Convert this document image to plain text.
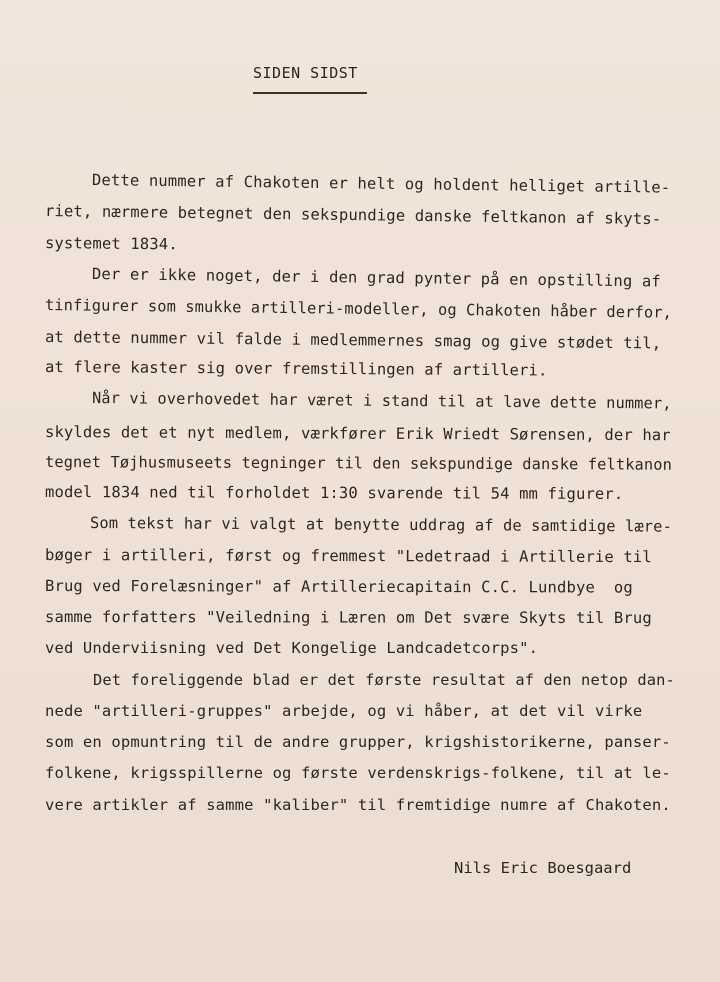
SIDEN SIDST
Dette nummer af Chakoten er helt og holdent helliget artille-
riet, nærmere betegnet den sekspundige danske feltkanon af skyts-
systemet 1834.
Der er ikke noget, der i den grad pynter på en opstilling af
tinfigurer som smukke artilleri-modeller, og Chakoten håber derfor,
at dette nummer vil falde i medlemmernes smag og give stødet til,
at flere kaster sig over fremstillingen af artilleri.
Når vi overhovedet har været i stand til at lave dette nummer,
skyldes det et nyt medlem, værkfører Erik Wriedt Sørensen, der har
tegnet Tøjhusmuseets tegninger til den sekspundige danske feltkanon
model 1834 ned til forholdet 1:30 svarende til 54 mm figurer.
Som tekst har vi valgt at benytte uddrag af de samtidige lære-
bøger i artilleri, først og fremmest "Ledetraad i Artillerie til
Brug ved Forelæsninger" af Artilleriecapitain C.C. Lundbye  og
samme forfatters "Veiledning i Læren om Det svære Skyts til Brug
ved Underviisning ved Det Kongelige Landcadetcorps".
Det foreliggende blad er det første resultat af den netop dan-
nede "artilleri-gruppes" arbejde, og vi håber, at det vil virke
som en opmuntring til de andre grupper, krigshistorikerne, panser-
folkene, krigsspillerne og første verdenskrigs-folkene, til at le-
vere artikler af samme "kaliber" til fremtidige numre af Chakoten.
Nils Eric Boesgaard
